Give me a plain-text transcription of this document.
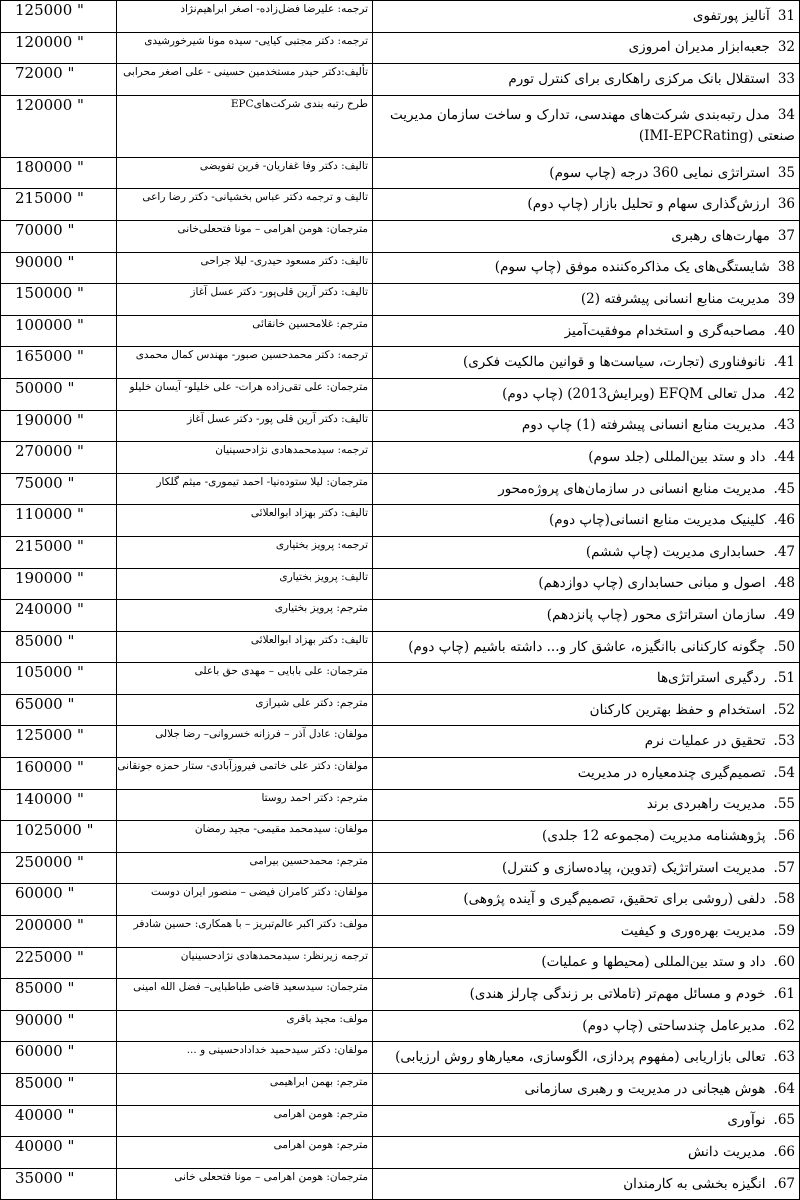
125000 "	ترجمه: علیرضا فضل‌زاده- اصغر ابراهیم‌نژاد	31آنالیز پورتفوی
120000 "	ترجمه: دکتر مجتبی کیایی- سیده مونا شیرخورشیدی	32جعبه‌ابزار مدیران امروزی
72000 "	تألیف:دکتر حیدر مستخدمین حسینی - علی اصغر محرابی	33استقلال بانک مرکزی راهکاری برای کنترل تورم
120000 "	طرح رتبه بندی شرکت‌هایEPC	34مدل رتبه‌بندی شرکت‌های مهندسی، تدارک و ساخت سازمان مدیریت صنعتی (IMI-EPCRating)
180000 "	تالیف: دکتر وفا غفاریان- فرین تفویضی	35استراتژی نمایی 360 درجه (چاپ سوم)
215000 "	تالیف و ترجمه دکتر عباس بخشیانی- دکتر رضا راعی	36ارزش‌گذاری سهام و تحلیل بازار (چاپ دوم)
70000 "	مترجمان: هومن اهرامی – مونا فتحعلی‌خانی	37مهارت‌های رهبری
90000 "	تالیف: دکتر مسعود حیدری- لیلا جراحی	38شایستگی‌های یک مذاکره‌کننده موفق (چاپ سوم)
150000 "	تالیف: دکتر آرین قلی‌پور- دکتر عسل آغاز	39مدیریت منابع انسانی پیشرفته (2)
100000 "	مترجم: غلامحسین خانقائی	40.مصاحبه‌گری و استخدام موفقیت‌آمیز
165000 "	ترجمه: دکتر محمدحسین صبور- مهندس کمال محمدی	41.نانوفناوری (تجارت، سیاست‌ها و قوانین مالکیت فکری)
50000 "	مترجمان: علی تقی‌زاده هرات- علی خلیلو- آیسان خلیلو	42.مدل تعالی EFQM (ویرایش2013) (چاپ دوم)
190000 "	تالیف: دکتر آرین قلی پور- دکتر عسل آغاز	43.مدیریت منابع انسانی پیشرفته (1) چاپ دوم
270000 "	ترجمه: سیدمحمدهادی نژادحسینیان	44.داد و ستد بین‌المللی (جلد سوم)
75000 "	مترجمان: لیلا ستوده‌نیا- احمد تیموری- میثم گلکار	45.مدیریت منابع انسانی در سازمان‌های پروژه‌محور
110000 "	تالیف: دکتر بهزاد ابوالعلائی	46.کلینیک مدیریت منابع انسانی(چاپ دوم)
215000 "	ترجمه: پرویز بختیاری	47.حسابداری مدیریت (چاپ ششم)
190000 "	تالیف: پرویز بختیاری	48.اصول و مبانی حسابداری (چاپ دوازدهم)
240000 "	مترجم: پرویز بختیاری	49.سازمان استراتژی محور (چاپ پانزدهم)
85000 "	تالیف: دکتر بهزاد ابوالعلائی	50.چگونه کارکنانی باانگیزه، عاشق کار و... داشته باشیم (چاپ دوم)
105000 "	مترجمان: علی بابایی – مهدی حق باعلی	51.ردگیری استراتژی‌ها
65000 "	مترجم: دکتر علی شیرازی	52.استخدام و حفظ بهترین کارکنان
125000 "	مولفان: عادل آذر – فرزانه خسروانی– رضا جلالی	53.تحقیق در عملیات نرم
160000 "	مولفان: دکتر علی خاتمی فیروزآبادی- ستار حمزه جونقانی	54.تصمیم‌گیری چندمعیاره در مدیریت
140000 "	مترجم: دکتر احمد روستا	55.مدیریت راهبردی برند
1025000 "	مولفان: سیدمحمد مقیمی- مجید رمضان	56.پژوهشنامه مدیریت (مجموعه 12 جلدی)
250000 "	مترجم: محمدحسین بیرامی	57.مدیریت استراتژیک (تدوین، پیاده‌سازی و کنترل)
60000 "	مولفان: دکتر کامران فیضی – منصور ایران دوست	58.دلفی (روشی برای تحقیق، تصمیم‌گیری و آینده پژوهی)
200000 "	مولف: دکتر اکبر عالم‌تبریز – با همکاری: حسین شادفر	59.مدیریت بهره‌وری و کیفیت
225000 "	ترجمه زیرنظر: سیدمحمدهادی نژادحسینیان	60.داد و ستد بین‌المللی (محیطها و عملیات)
85000 "	مترجمان: سیدسعید قاضی طباطبایی– فضل الله امینی	61.خودم و مسائل مهم‌تر (تاملاتی بر زندگی چارلز هندی)
90000 "	مولف: مجید باقری	62.مدیرعامل چندساحتی (چاپ دوم)
60000 "	مولفان: دکتر سیدحمید خداداد‌حسینی و ...	63.تعالی بازاریابی (مفهوم پردازی، الگوسازی، معیارهاو روش ارزیابی)
85000 "	مترجم: بهمن ابراهیمی	64.هوش هیجانی در مدیریت و رهبری سازمانی
40000 "	مترجم: هومن اهرامی	65.نوآوری
40000 "	مترجم: هومن اهرامی	66.مدیریت دانش
35000 "	مترجمان: هومن اهرامی – مونا فتحعلی خانی	67.انگیزه بخشی به کارمندان
